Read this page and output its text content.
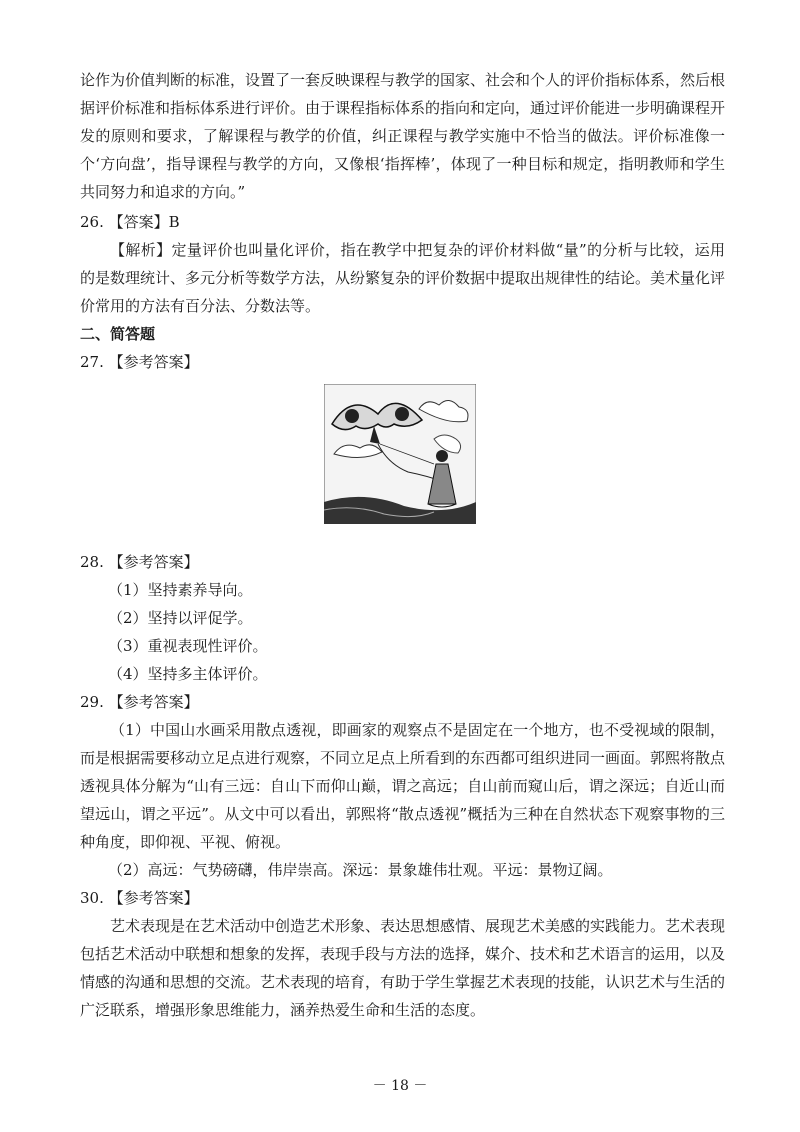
论作为价值判断的标准，设置了一套反映课程与教学的国家、社会和个人的评价指标体系，然后根据评价标准和指标体系进行评价。由于课程指标体系的指向和定向，通过评价能进一步明确课程开发的原则和要求，了解课程与教学的价值，纠正课程与教学实施中不恰当的做法。评价标准像一个‘方向盘’，指导课程与教学的方向，又像根‘指挥棒’，体现了一种目标和规定，指明教师和学生共同努力和追求的方向。”

26. 【答案】B

【解析】定量评价也叫量化评价，指在教学中把复杂的评价材料做“量”的分析与比较，运用的是数理统计、多元分析等数学方法，从纷繁复杂的评价数据中提取出规律性的结论。美术量化评价常用的方法有百分法、分数法等。

二、简答题

27. 【参考答案】

28. 【参考答案】

（1）坚持素养导向。

（2）坚持以评促学。

（3）重视表现性评价。

（4）坚持多主体评价。

29. 【参考答案】

（1）中国山水画采用散点透视，即画家的观察点不是固定在一个地方，也不受视域的限制，而是根据需要移动立足点进行观察，不同立足点上所看到的东西都可组织进同一画面。郭熙将散点透视具体分解为“山有三远：自山下而仰山巅，谓之高远；自山前而窥山后，谓之深远；自近山而望远山，谓之平远”。从文中可以看出，郭熙将“散点透视”概括为三种在自然状态下观察事物的三种角度，即仰视、平视、俯视。

（2）高远：气势磅礴，伟岸崇高。深远：景象雄伟壮观。平远：景物辽阔。

30. 【参考答案】

艺术表现是在艺术活动中创造艺术形象、表达思想感情、展现艺术美感的实践能力。艺术表现包括艺术活动中联想和想象的发挥，表现手段与方法的选择，媒介、技术和艺术语言的运用，以及情感的沟通和思想的交流。艺术表现的培育，有助于学生掌握艺术表现的技能，认识艺术与生活的广泛联系，增强形象思维能力，涵养热爱生命和生活的态度。

－ 18 －
